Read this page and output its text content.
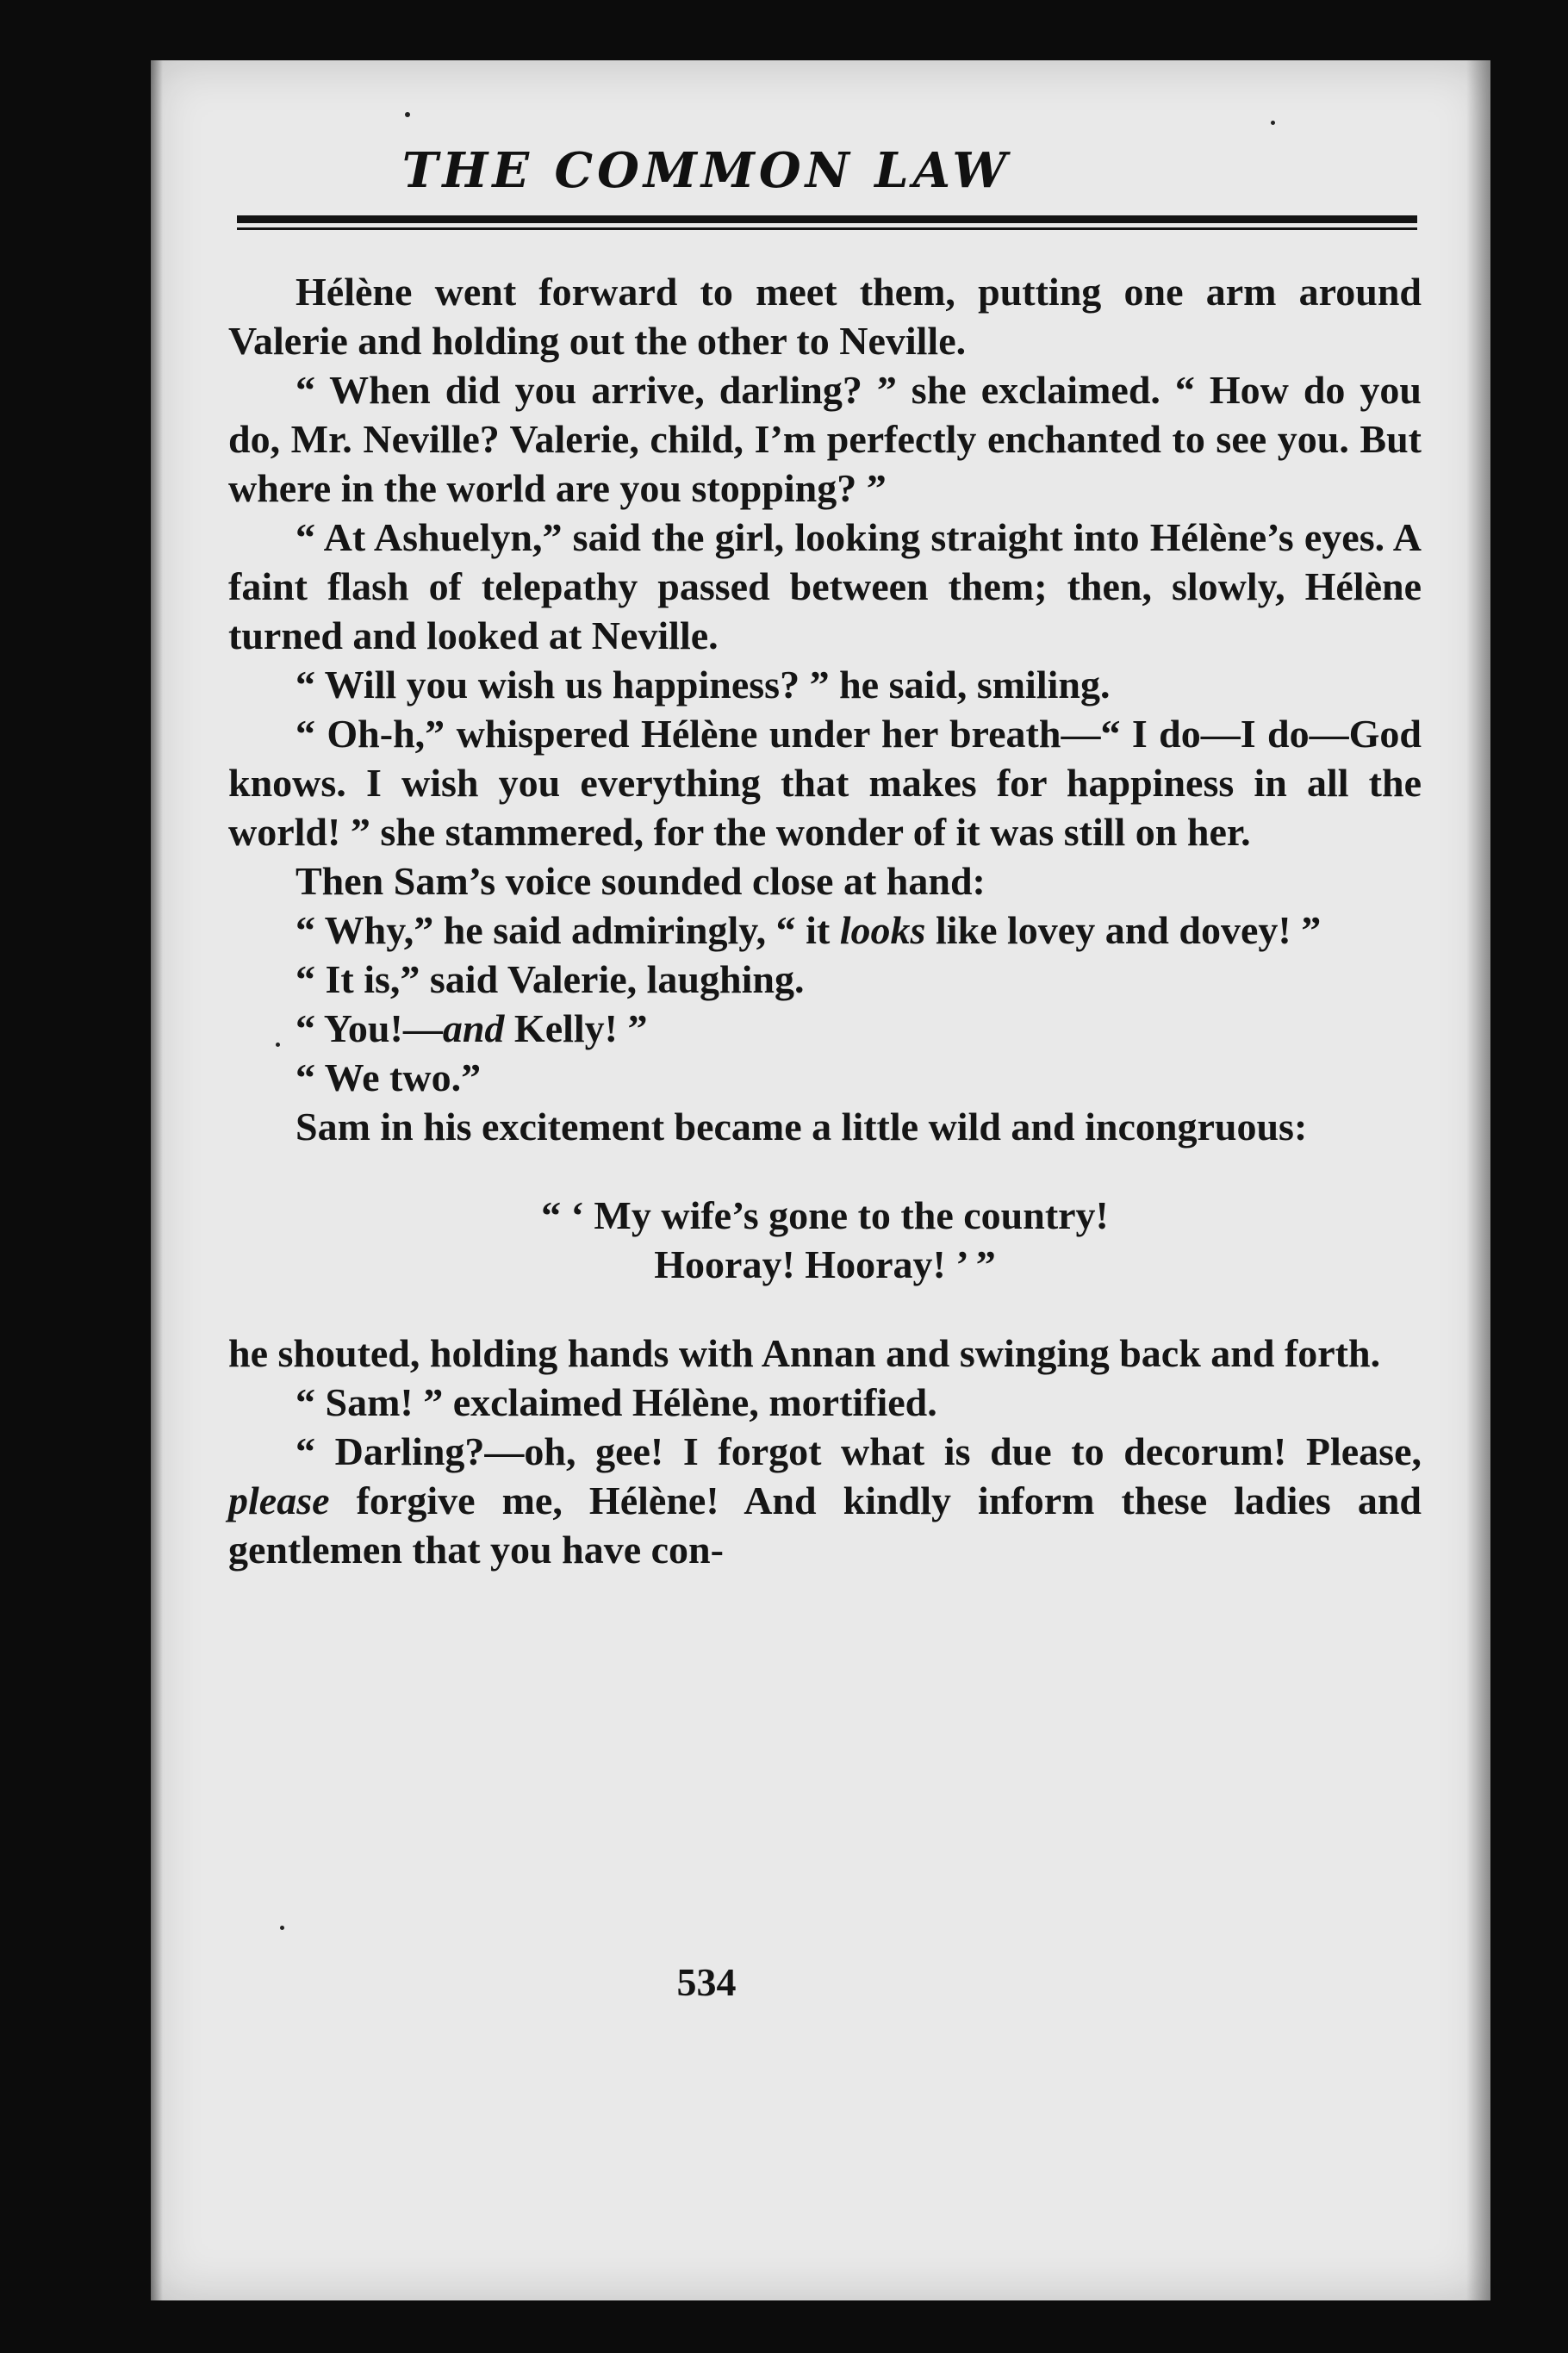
THE COMMON LAW

Hélène went forward to meet them, putting one arm around Valerie and holding out the other to Neville.

“ When did you arrive, darling? ” she exclaimed. “ How do you do, Mr. Neville? Valerie, child, I’m perfectly enchanted to see you. But where in the world are you stopping? ”

“ At Ashuelyn,” said the girl, looking straight into Hélène’s eyes. A faint flash of telepathy passed between them; then, slowly, Hélène turned and looked at Neville.

“ Will you wish us happiness? ” he said, smiling.

“ Oh-h,” whispered Hélène under her breath—“ I do—I do—God knows. I wish you everything that makes for happiness in all the world! ” she stammered, for the wonder of it was still on her.

Then Sam’s voice sounded close at hand:

“ Why,” he said admiringly, “ it looks like lovey and dovey! ”

“ It is,” said Valerie, laughing.

“ You!—and Kelly! ”

“ We two.”

Sam in his excitement became a little wild and incongruous:

“ ‘ My wife’s gone to the country!
Hooray! Hooray! ’ ”

he shouted, holding hands with Annan and swinging back and forth.

“ Sam! ” exclaimed Hélène, mortified.

“ Darling?—oh, gee! I forgot what is due to decorum! Please, please forgive me, Hélène! And kindly inform these ladies and gentlemen that you have con-

534
